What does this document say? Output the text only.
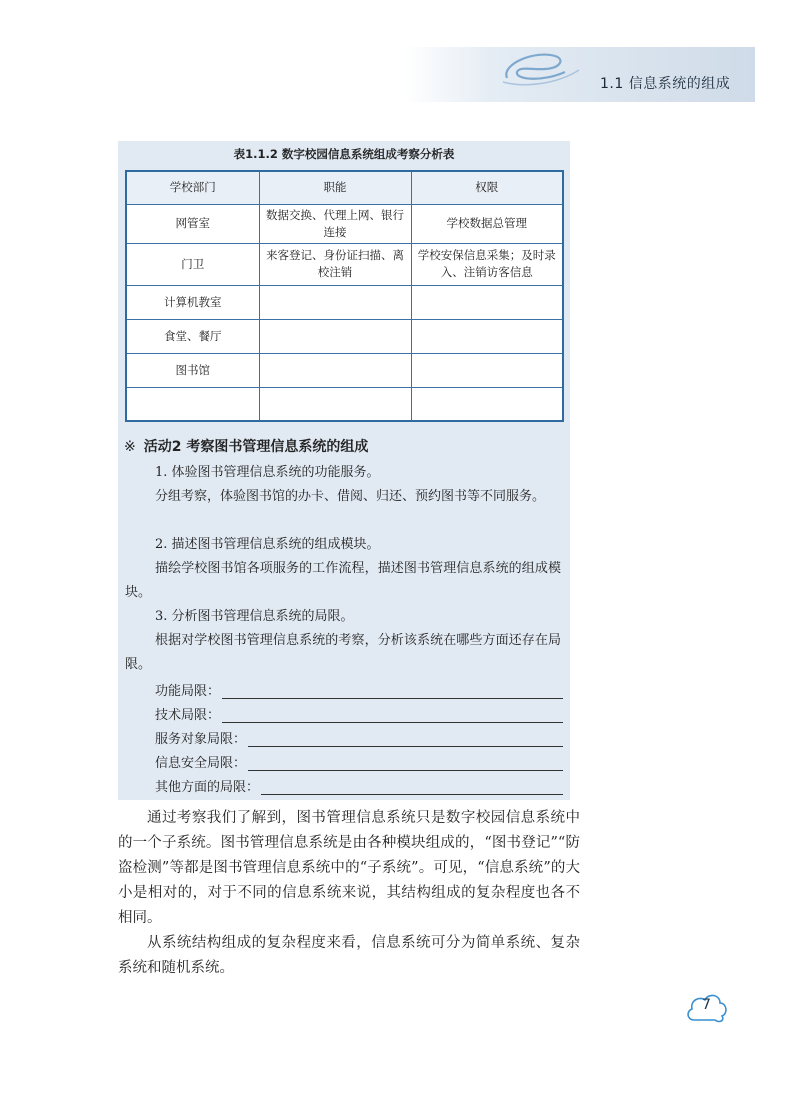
1.1 信息系统的组成
表1.1.2 数字校园信息系统组成考察分析表
学校部门	职能	权限
网管室	数据交换、代理上网、银行连接	学校数据总管理
门卫	来客登记、身份证扫描、离校注销	学校安保信息采集；及时录入、注销访客信息
计算机教室		
食堂、餐厅		
图书馆		

※ 活动2 考察图书管理信息系统的组成
1. 体验图书管理信息系统的功能服务。
分组考察，体验图书馆的办卡、借阅、归还、预约图书等不同服务。
2. 描述图书管理信息系统的组成模块。
描绘学校图书馆各项服务的工作流程，描述图书管理信息系统的组成模块。
3. 分析图书管理信息系统的局限。
根据对学校图书管理信息系统的考察，分析该系统在哪些方面还存在局限。
功能局限：
技术局限：
服务对象局限：
信息安全局限：
其他方面的局限：
通过考察我们了解到，图书管理信息系统只是数字校园信息系统中的一个子系统。图书管理信息系统是由各种模块组成的，“图书登记”“防盗检测”等都是图书管理信息系统中的“子系统”。可见，“信息系统”的大小是相对的，对于不同的信息系统来说，其结构组成的复杂程度也各不相同。
从系统结构组成的复杂程度来看，信息系统可分为简单系统、复杂系统和随机系统。
7
